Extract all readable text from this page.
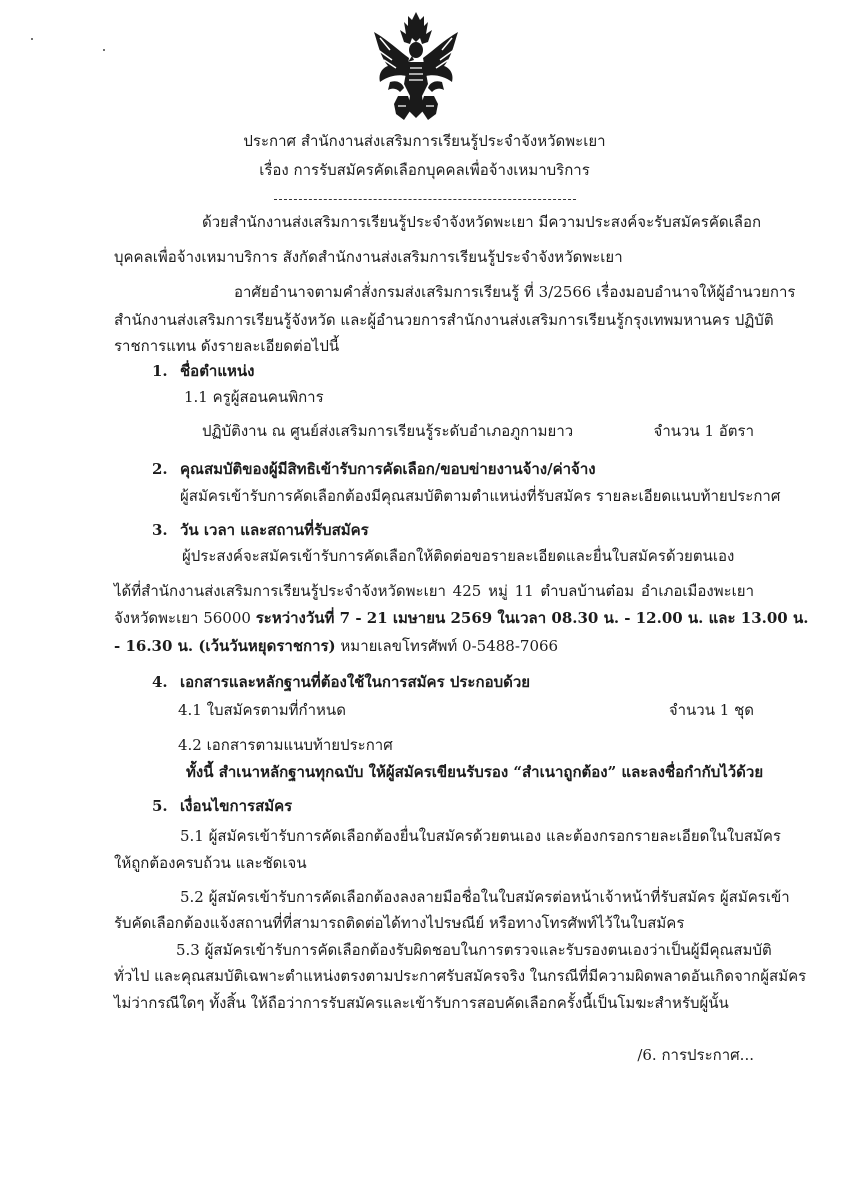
ประกาศ สำนักงานส่งเสริมการเรียนรู้ประจำจังหวัดพะเยา
เรื่อง การรับสมัครคัดเลือกบุคคลเพื่อจ้างเหมาบริการ
ด้วยสำนักงานส่งเสริมการเรียนรู้ประจำจังหวัดพะเยา มีความประสงค์จะรับสมัครคัดเลือก
บุคคลเพื่อจ้างเหมาบริการ สังกัดสำนักงานส่งเสริมการเรียนรู้ประจำจังหวัดพะเยา
อาศัยอำนาจตามคำสั่งกรมส่งเสริมการเรียนรู้ ที่ 3/2566 เรื่องมอบอำนาจให้ผู้อำนวยการ
สำนักงานส่งเสริมการเรียนรู้จังหวัด และผู้อำนวยการสำนักงานส่งเสริมการเรียนรู้กรุงเทพมหานคร ปฏิบัติ
ราชการแทน ดังรายละเอียดต่อไปนี้
1. ชื่อตำแหน่ง
1.1 ครูผู้สอนคนพิการ
ปฏิบัติงาน ณ ศูนย์ส่งเสริมการเรียนรู้ระดับอำเภอภูกามยาว	จำนวน 1 อัตรา
2. คุณสมบัติของผู้มีสิทธิเข้ารับการคัดเลือก/ขอบข่ายงานจ้าง/ค่าจ้าง
ผู้สมัครเข้ารับการคัดเลือกต้องมีคุณสมบัติตามตำแหน่งที่รับสมัคร รายละเอียดแนบท้ายประกาศ
3. วัน เวลา และสถานที่รับสมัคร
ผู้ประสงค์จะสมัครเข้ารับการคัดเลือกให้ติดต่อขอรายละเอียดและยื่นใบสมัครด้วยตนเอง
ได้ที่สำนักงานส่งเสริมการเรียนรู้ประจำจังหวัดพะเยา 425 หมู่ 11 ตำบลบ้านต๋อม อำเภอเมืองพะเยา
จังหวัดพะเยา 56000 ระหว่างวันที่ 7 - 21 เมษายน 2569 ในเวลา 08.30 น. - 12.00 น. และ 13.00 น.
- 16.30 น. (เว้นวันหยุดราชการ) หมายเลขโทรศัพท์ 0-5488-7066
4. เอกสารและหลักฐานที่ต้องใช้ในการสมัคร ประกอบด้วย
4.1 ใบสมัครตามที่กำหนด	จำนวน 1 ชุด
4.2 เอกสารตามแนบท้ายประกาศ
ทั้งนี้ สำเนาหลักฐานทุกฉบับ ให้ผู้สมัครเขียนรับรอง “สำเนาถูกต้อง” และลงชื่อกำกับไว้ด้วย
5. เงื่อนไขการสมัคร
5.1 ผู้สมัครเข้ารับการคัดเลือกต้องยื่นใบสมัครด้วยตนเอง และต้องกรอกรายละเอียดในใบสมัคร
ให้ถูกต้องครบถ้วน และชัดเจน
5.2 ผู้สมัครเข้ารับการคัดเลือกต้องลงลายมือชื่อในใบสมัครต่อหน้าเจ้าหน้าที่รับสมัคร ผู้สมัครเข้า
รับคัดเลือกต้องแจ้งสถานที่ที่สามารถติดต่อได้ทางไปรษณีย์ หรือทางโทรศัพท์ไว้ในใบสมัคร
5.3 ผู้สมัครเข้ารับการคัดเลือกต้องรับผิดชอบในการตรวจและรับรองตนเองว่าเป็นผู้มีคุณสมบัติ
ทั่วไป และคุณสมบัติเฉพาะตำแหน่งตรงตามประกาศรับสมัครจริง ในกรณีที่มีความผิดพลาดอันเกิดจากผู้สมัคร
ไม่ว่ากรณีใดๆ ทั้งสิ้น ให้ถือว่าการรับสมัครและเข้ารับการสอบคัดเลือกครั้งนี้เป็นโมฆะสำหรับผู้นั้น
/6. การประกาศ...
